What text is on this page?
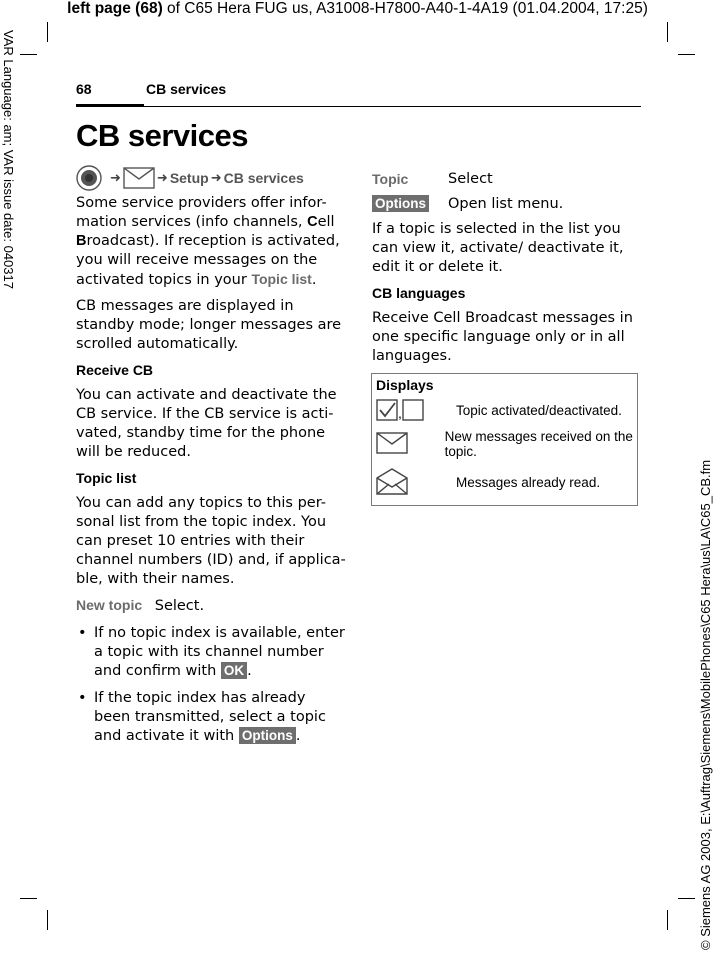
left page (68) of C65 Hera FUG us, A31008-H7800-A40-1-4A19 (01.04.2004, 17:25)
VAR Language: am; VAR issue date: 040317
© Siemens AG 2003, E:\Auftrag\Siemens\MobilePhones\C65 Hera\us\LA\C65_CB.fm
68	CB services
CB services
➜	➜ Setup ➜ CB services

Some service providers offer infor-mation services (info channels, Cell Broadcast). If reception is activated, you will receive messages on the activated topics in your Topic list.

CB messages are displayed in standby mode; longer messages are scrolled automatically.

Receive CB

You can activate and deactivate the CB service. If the CB service is acti-vated, standby time for the phone will be reduced.

Topic list

You can add any topics to this per-sonal list from the topic index. You can preset 10 entries with their channel numbers (ID) and, if applica-ble, with their names.

New topic Select.
• If no topic index is available, enter a topic with its channel number and confirm with OK .
• If the topic index has already been transmitted, select a topic and activate it with Options .
Topic	Select
Options	Open list menu.

If a topic is selected in the list you can view it, activate/ deactivate it, edit it or delete it.

CB languages

Receive Cell Broadcast messages in one specific language only or in all languages.

Displays
,	Topic activated/deactivated.
New messages received on the topic.
Messages already read.
